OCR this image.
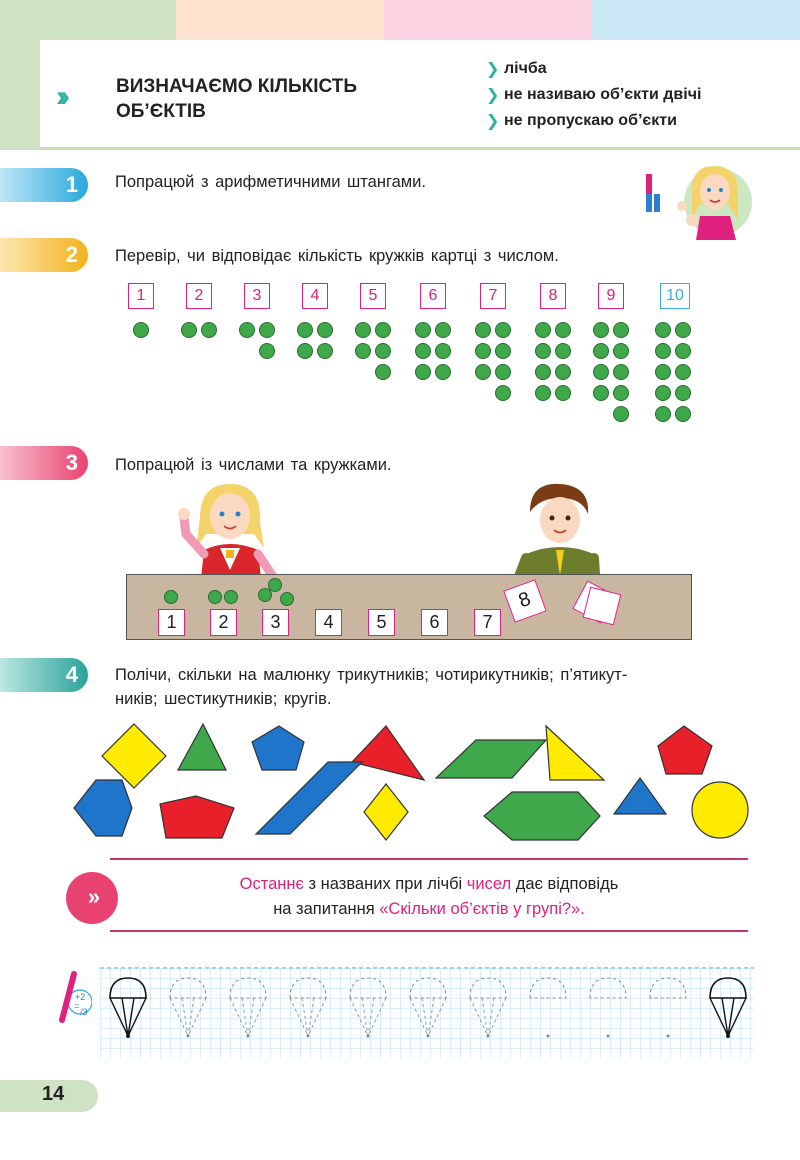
››	ВИЗНАЧАЄМО КІЛЬКІСТЬ ОБ’ЄКТІВ
❯ лічба
❯ не називаю об’єкти двічі
❯ не пропускаю об’єкти
1 Попрацюй з арифметичними штангами.
2 Перевір, чи відповідає кількість кружків картці з числом.
1	2	3	4	5	6	7	8	9	10
3 Попрацюй із числами та кружками.
1	2	3	4	5	6	7
8
4 Полічи, скільки на малюнку трикутників; чотирикутників; п’ятикут-
ників; шестикутників; кругів.
»	Останнє з названих при лічбі чисел дає відповідь
на запитання «Скільки об’єктів у групі?».
+2
=
/3
14
